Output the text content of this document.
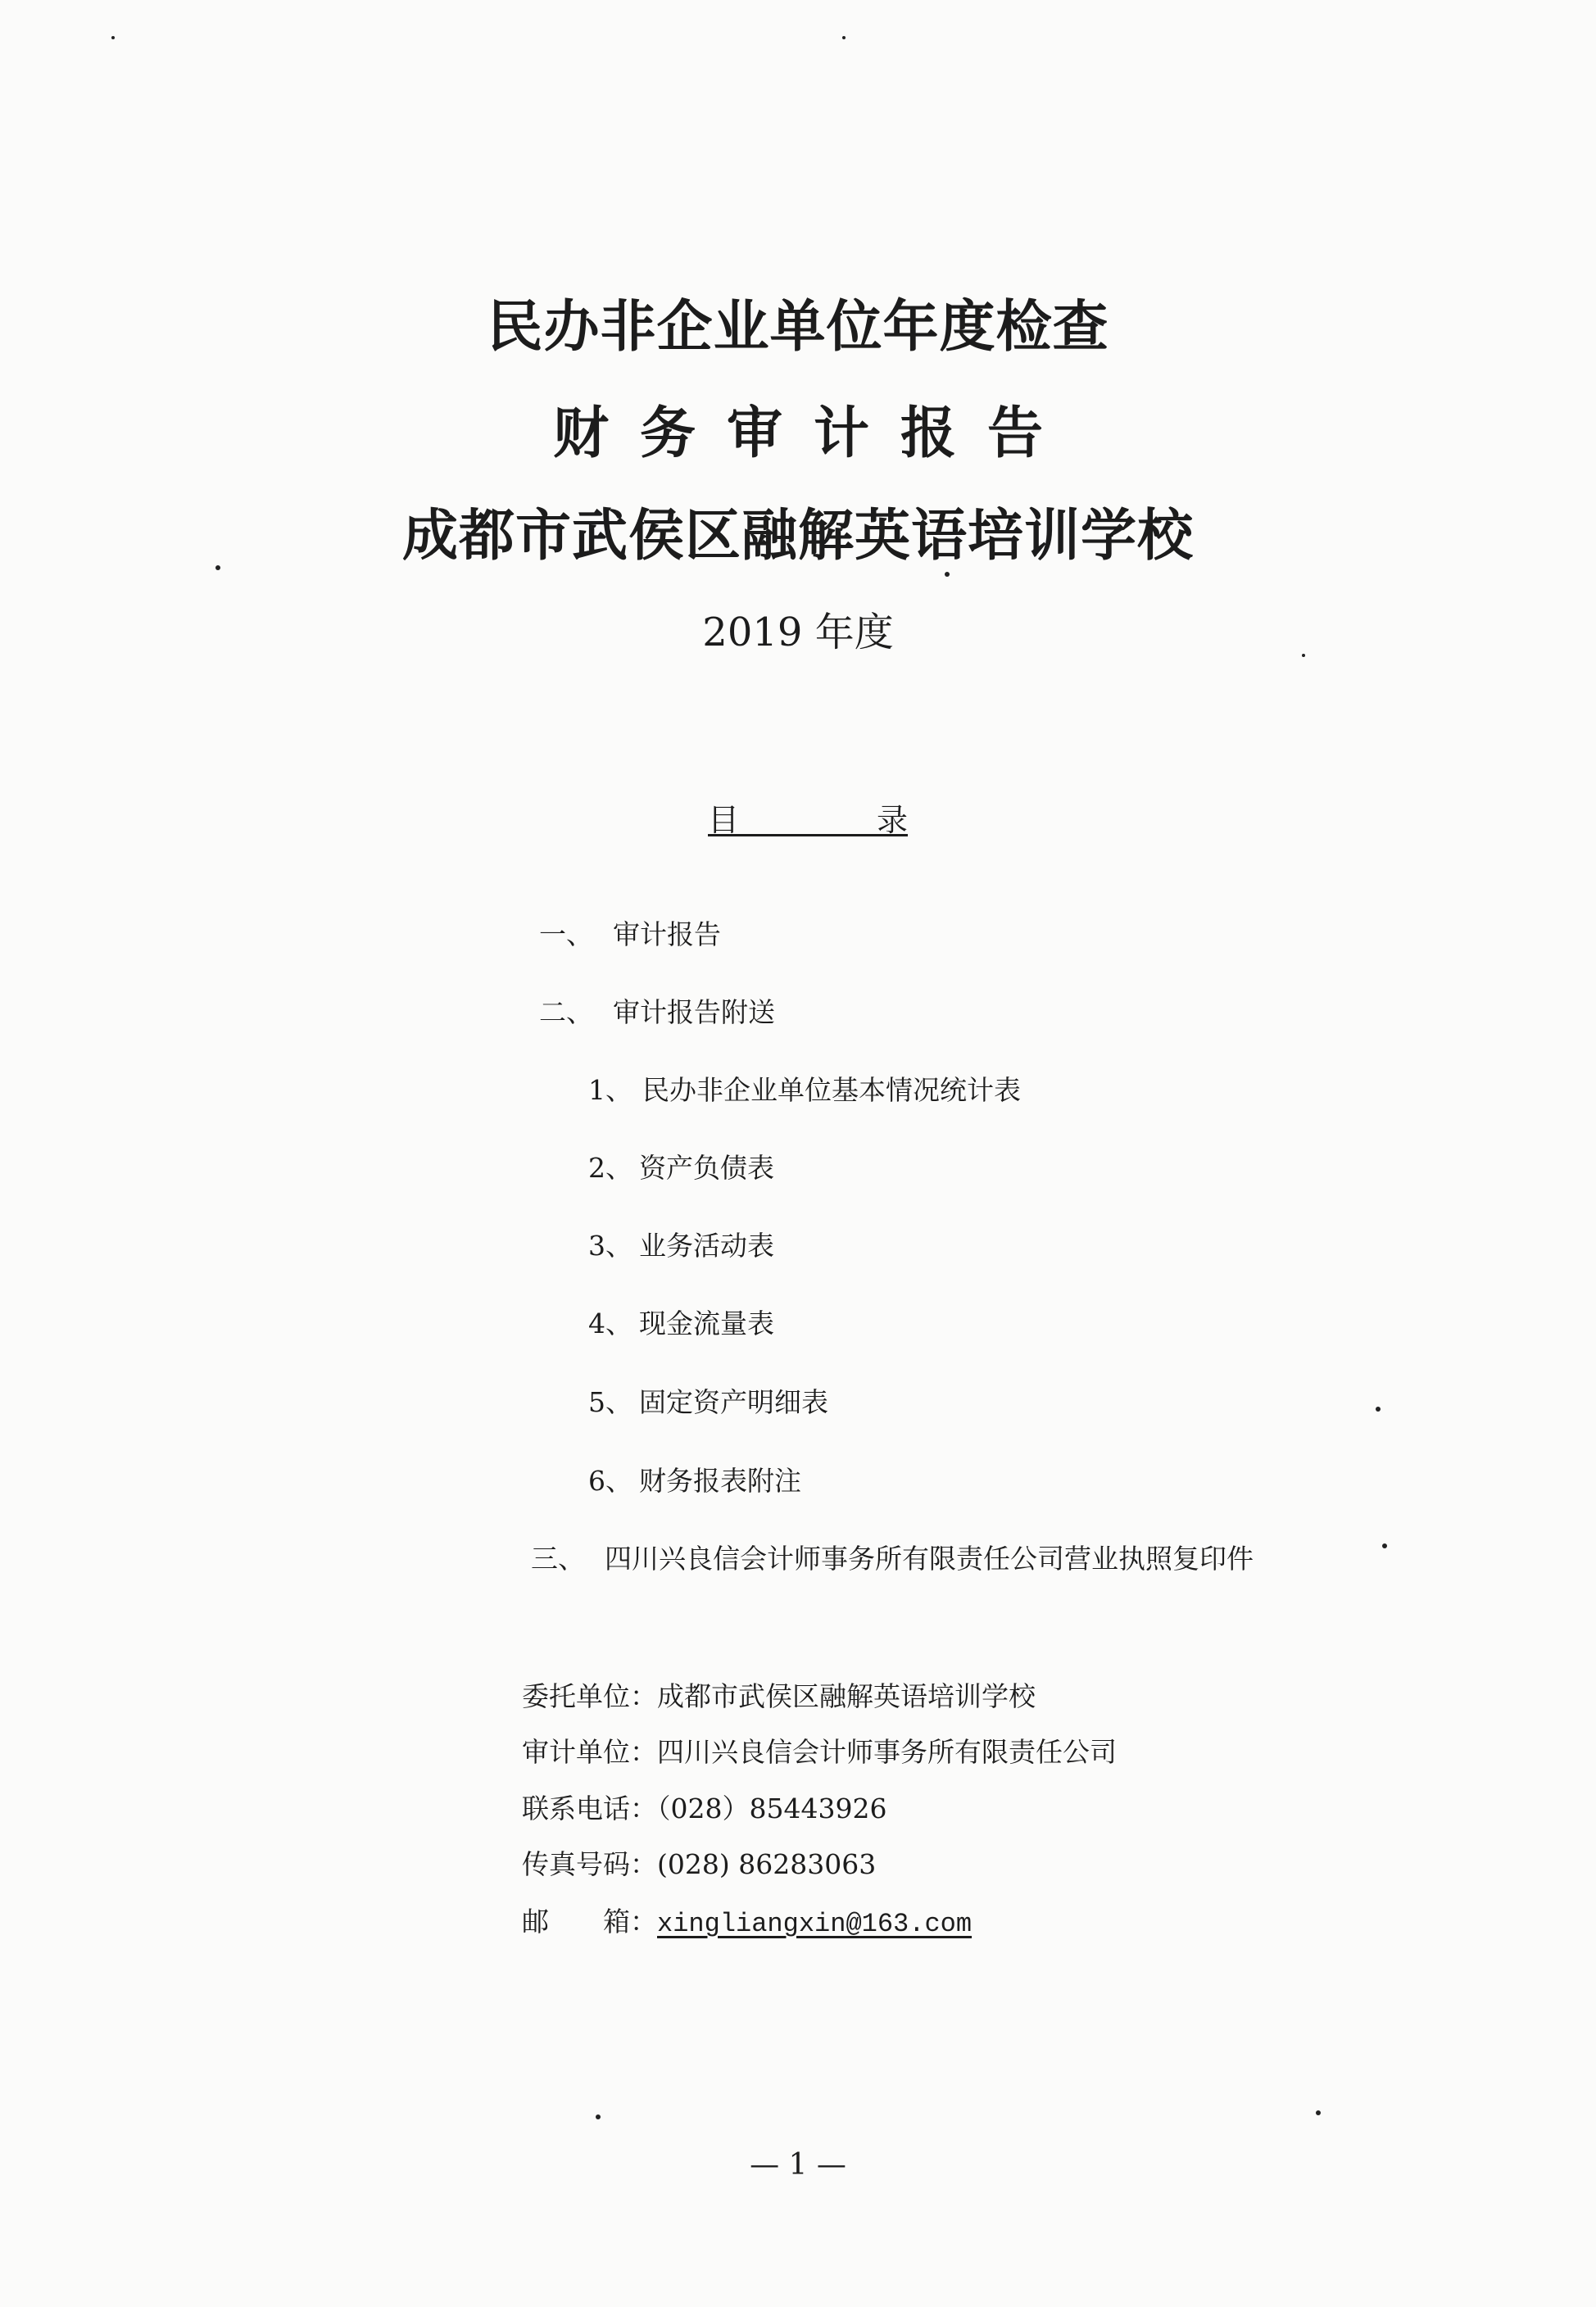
民办非企业单位年度检查
财务审计报告
成都市武侯区融解英语培训学校
2019 年度
目	录
一、 审计报告
二、 审计报告附送
1、 民办非企业单位基本情况统计表
2、 资产负债表
3、 业务活动表
4、 现金流量表
5、 固定资产明细表
6、 财务报表附注
三、 四川兴良信会计师事务所有限责任公司营业执照复印件
委托单位：成都市武侯区融解英语培训学校
审计单位：四川兴良信会计师事务所有限责任公司
联系电话：（028）85443926
传真号码：(028) 86283063
邮　　箱：xingliangxin@163.com
— 1 —
